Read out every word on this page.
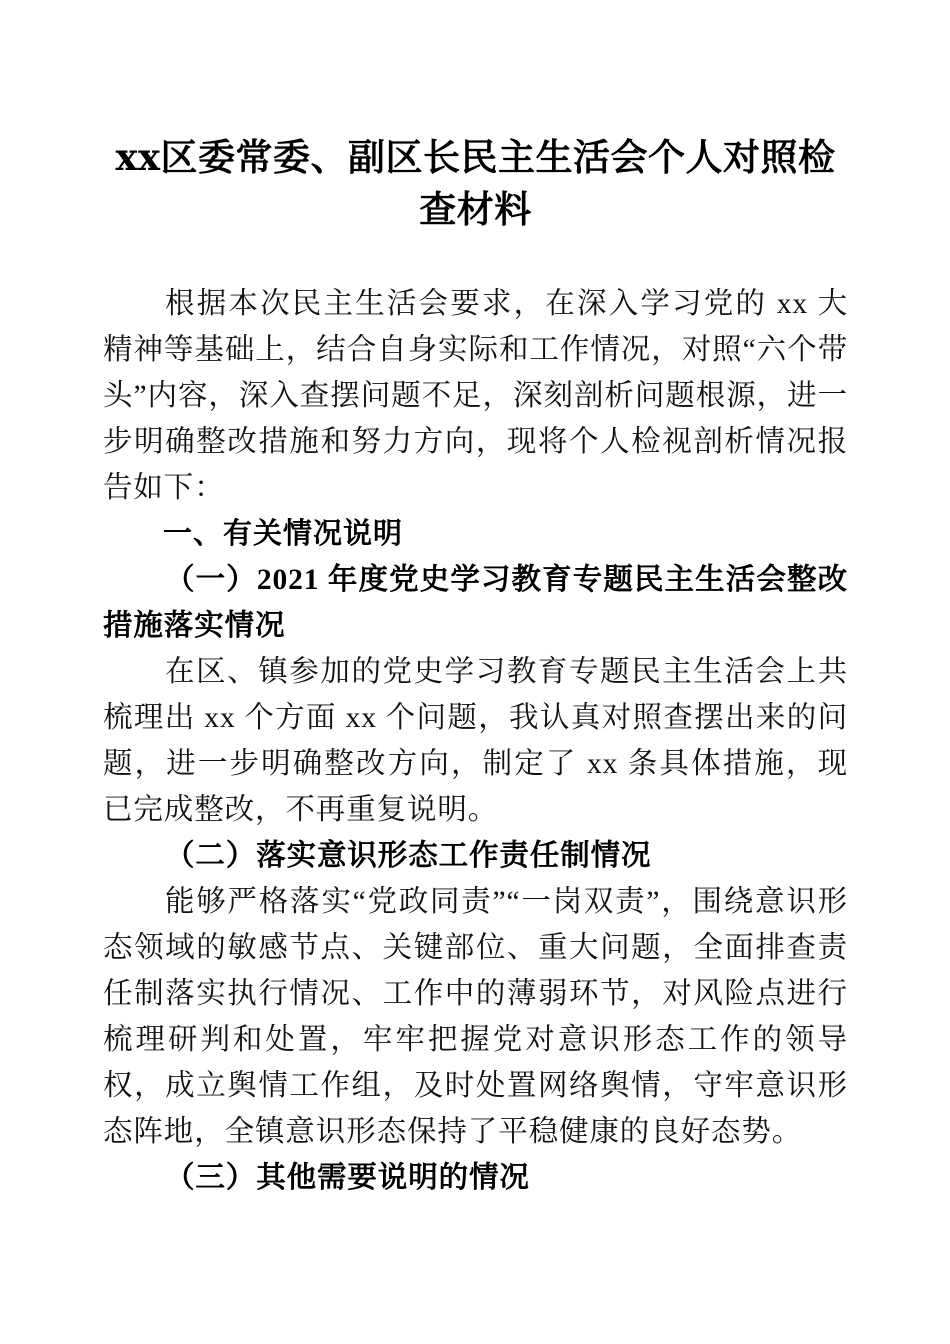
xx区委常委、副区长民主生活会个人对照检查材料

根据本次民主生活会要求，在深入学习党的 xx 大精神等基础上，结合自身实际和工作情况，对照“六个带头”内容，深入查摆问题不足，深刻剖析问题根源，进一步明确整改措施和努力方向，现将个人检视剖析情况报告如下：

一、有关情况说明
（一）2021 年度党史学习教育专题民主生活会整改措施落实情况

在区、镇参加的党史学习教育专题民主生活会上共梳理出 xx 个方面 xx 个问题，我认真对照查摆出来的问题，进一步明确整改方向，制定了 xx 条具体措施，现已完成整改，不再重复说明。

（二）落实意识形态工作责任制情况

能够严格落实“党政同责”“一岗双责”，围绕意识形态领域的敏感节点、关键部位、重大问题，全面排查责任制落实执行情况、工作中的薄弱环节，对风险点进行梳理研判和处置，牢牢把握党对意识形态工作的领导权，成立舆情工作组，及时处置网络舆情，守牢意识形态阵地，全镇意识形态保持了平稳健康的良好态势。

（三）其他需要说明的情况
